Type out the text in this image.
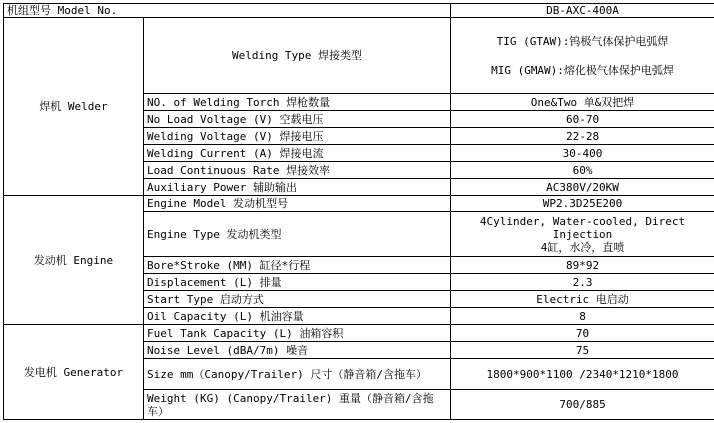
机组型号 Model No.		DB-AXC-400A
焊机 Welder	Welding Type 焊接类型	TIG (GTAW):钨极气体保护电弧焊
MIG (GMAW):熔化极气体保护电弧焊

	NO. of Welding Torch 焊枪数量	One&Two 单&双把焊
	No Load Voltage (V) 空载电压	60-70
	Welding Voltage (V) 焊接电压	22-28
	Welding Current (A) 焊接电流	30-400
	Load Continuous Rate 焊接效率	60%
	Auxiliary Power 辅助输出	AC380V/20KW
发动机 Engine	Engine Model 发动机型号	WP2.3D25E200
	Engine Type 发动机类型	4Cylinder, Water-cooled, Direct Injection
4缸，水冷，直喷

	Bore*Stroke (MM) 缸径*行程	89*92
	Displacement (L) 排量	2.3
	Start Type 启动方式	Electric 电启动
	Oil Capacity (L) 机油容量	8
发电机 Generator	Fuel Tank Capacity (L) 油箱容积	70
	Noise Level (dBA/7m) 噪音	75
	Size mm（Canopy/Trailer) 尺寸（静音箱/含拖车）	1800*900*1100 /2340*1210*1800
	Weight (KG) (Canopy/Trailer) 重量（静音箱/含拖车）	700/885
